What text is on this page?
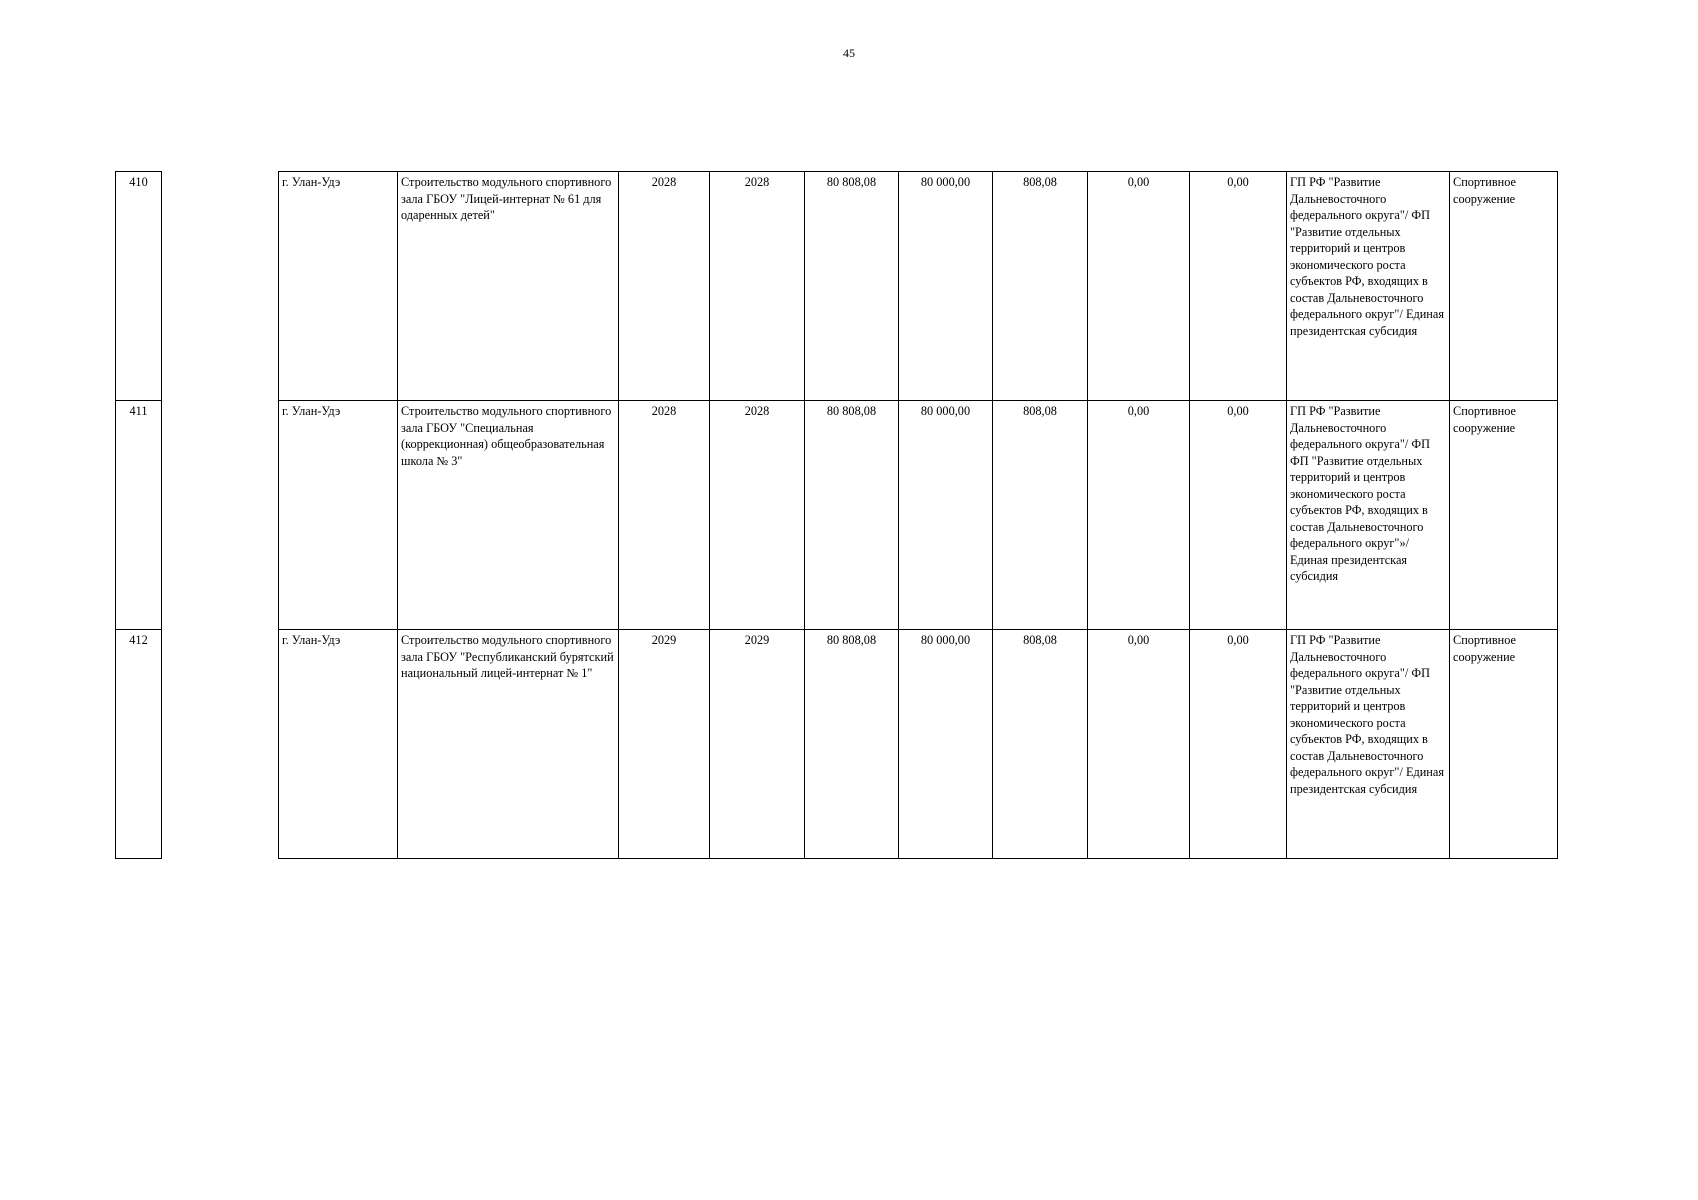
45
410		г. Улан-Удэ	Строительство модульного спортивного зала ГБОУ "Лицей-интернат № 61 для одаренных детей"	2028	2028	80 808,08	80 000,00	808,08	0,00	0,00	ГП РФ "Развитие Дальневосточного федерального округа"/ ФП "Развитие отдельных территорий и центров экономического роста субъектов РФ, входящих в состав Дальневосточного федерального округ"/ Единая президентская субсидия	Спортивное сооружение
411		г. Улан-Удэ	Строительство модульного спортивного зала ГБОУ "Специальная (коррекционная) общеобразовательная школа № 3"	2028	2028	80 808,08	80 000,00	808,08	0,00	0,00	ГП РФ "Развитие Дальневосточного федерального округа"/ ФП ФП "Развитие отдельных территорий и центров экономического роста субъектов РФ, входящих в состав Дальневосточного федерального округ"»/ Единая президентская субсидия	Спортивное сооружение
412		г. Улан-Удэ	Строительство модульного спортивного зала ГБОУ "Республиканский бурятский национальный лицей-интернат № 1"	2029	2029	80 808,08	80 000,00	808,08	0,00	0,00	ГП РФ "Развитие Дальневосточного федерального округа"/ ФП "Развитие отдельных территорий и центров экономического роста субъектов РФ, входящих в состав Дальневосточного федерального округ"/ Единая президентская субсидия	Спортивное сооружение
